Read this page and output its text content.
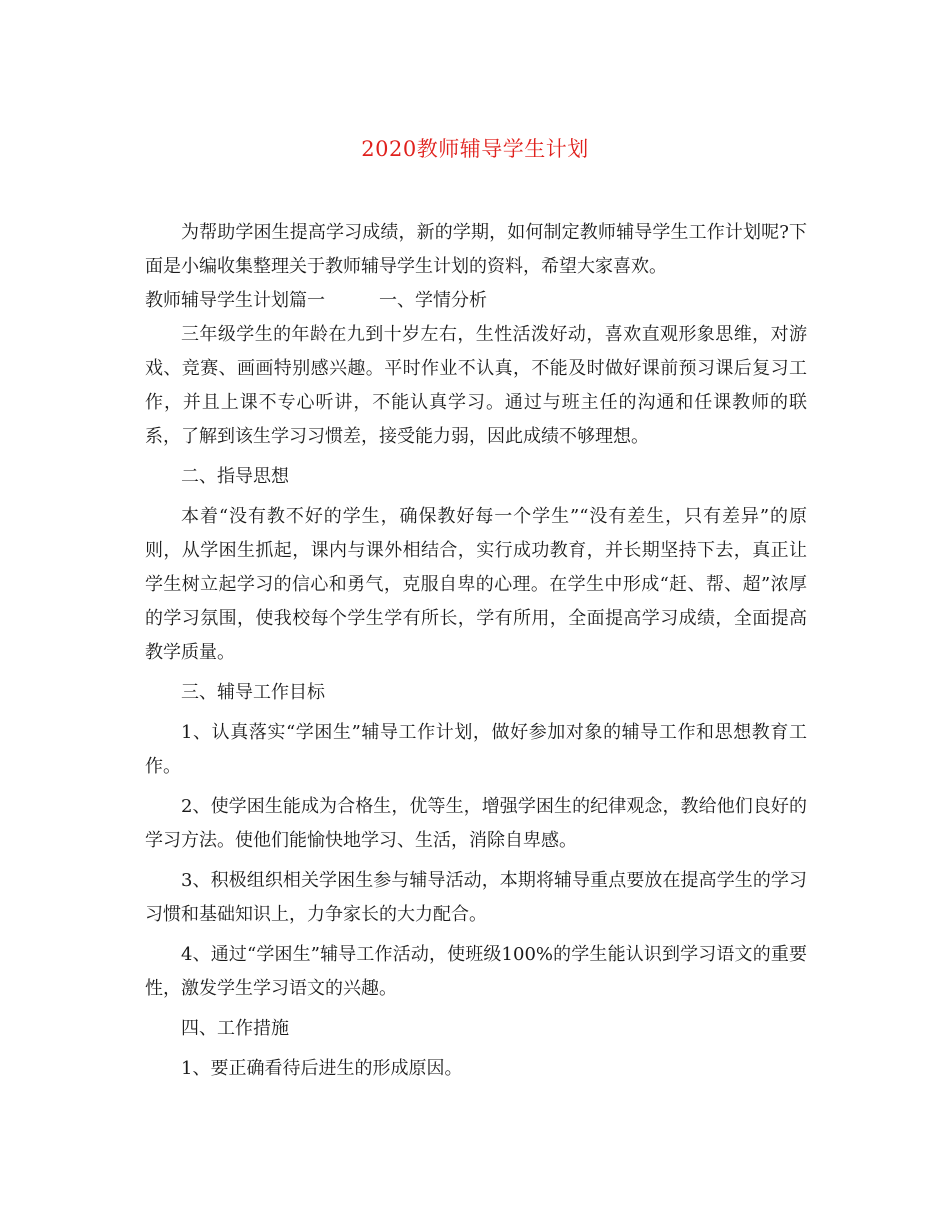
2020教师辅导学生计划

为帮助学困生提高学习成绩，新的学期，如何制定教师辅导学生工作计划呢?下面是小编收集整理关于教师辅导学生计划的资料，希望大家喜欢。

教师辅导学生计划篇一	一、学情分析

三年级学生的年龄在九到十岁左右，生性活泼好动，喜欢直观形象思维，对游戏、竞赛、画画特别感兴趣。平时作业不认真，不能及时做好课前预习课后复习工作，并且上课不专心听讲，不能认真学习。通过与班主任的沟通和任课教师的联系，了解到该生学习习惯差，接受能力弱，因此成绩不够理想。

二、指导思想

本着“没有教不好的学生，确保教好每一个学生”“没有差生，只有差异”的原则，从学困生抓起，课内与课外相结合，实行成功教育，并长期坚持下去，真正让学生树立起学习的信心和勇气，克服自卑的心理。在学生中形成“赶、帮、超”浓厚的学习氛围，使我校每个学生学有所长，学有所用，全面提高学习成绩，全面提高教学质量。

三、辅导工作目标

1、认真落实“学困生”辅导工作计划，做好参加对象的辅导工作和思想教育工作。

2、使学困生能成为合格生，优等生，增强学困生的纪律观念，教给他们良好的学习方法。使他们能愉快地学习、生活，消除自卑感。

3、积极组织相关学困生参与辅导活动，本期将辅导重点要放在提高学生的学习习惯和基础知识上，力争家长的大力配合。

4、通过“学困生”辅导工作活动，使班级100%的学生能认识到学习语文的重要性，激发学生学习语文的兴趣。

四、工作措施

1、要正确看待后进生的形成原因。
